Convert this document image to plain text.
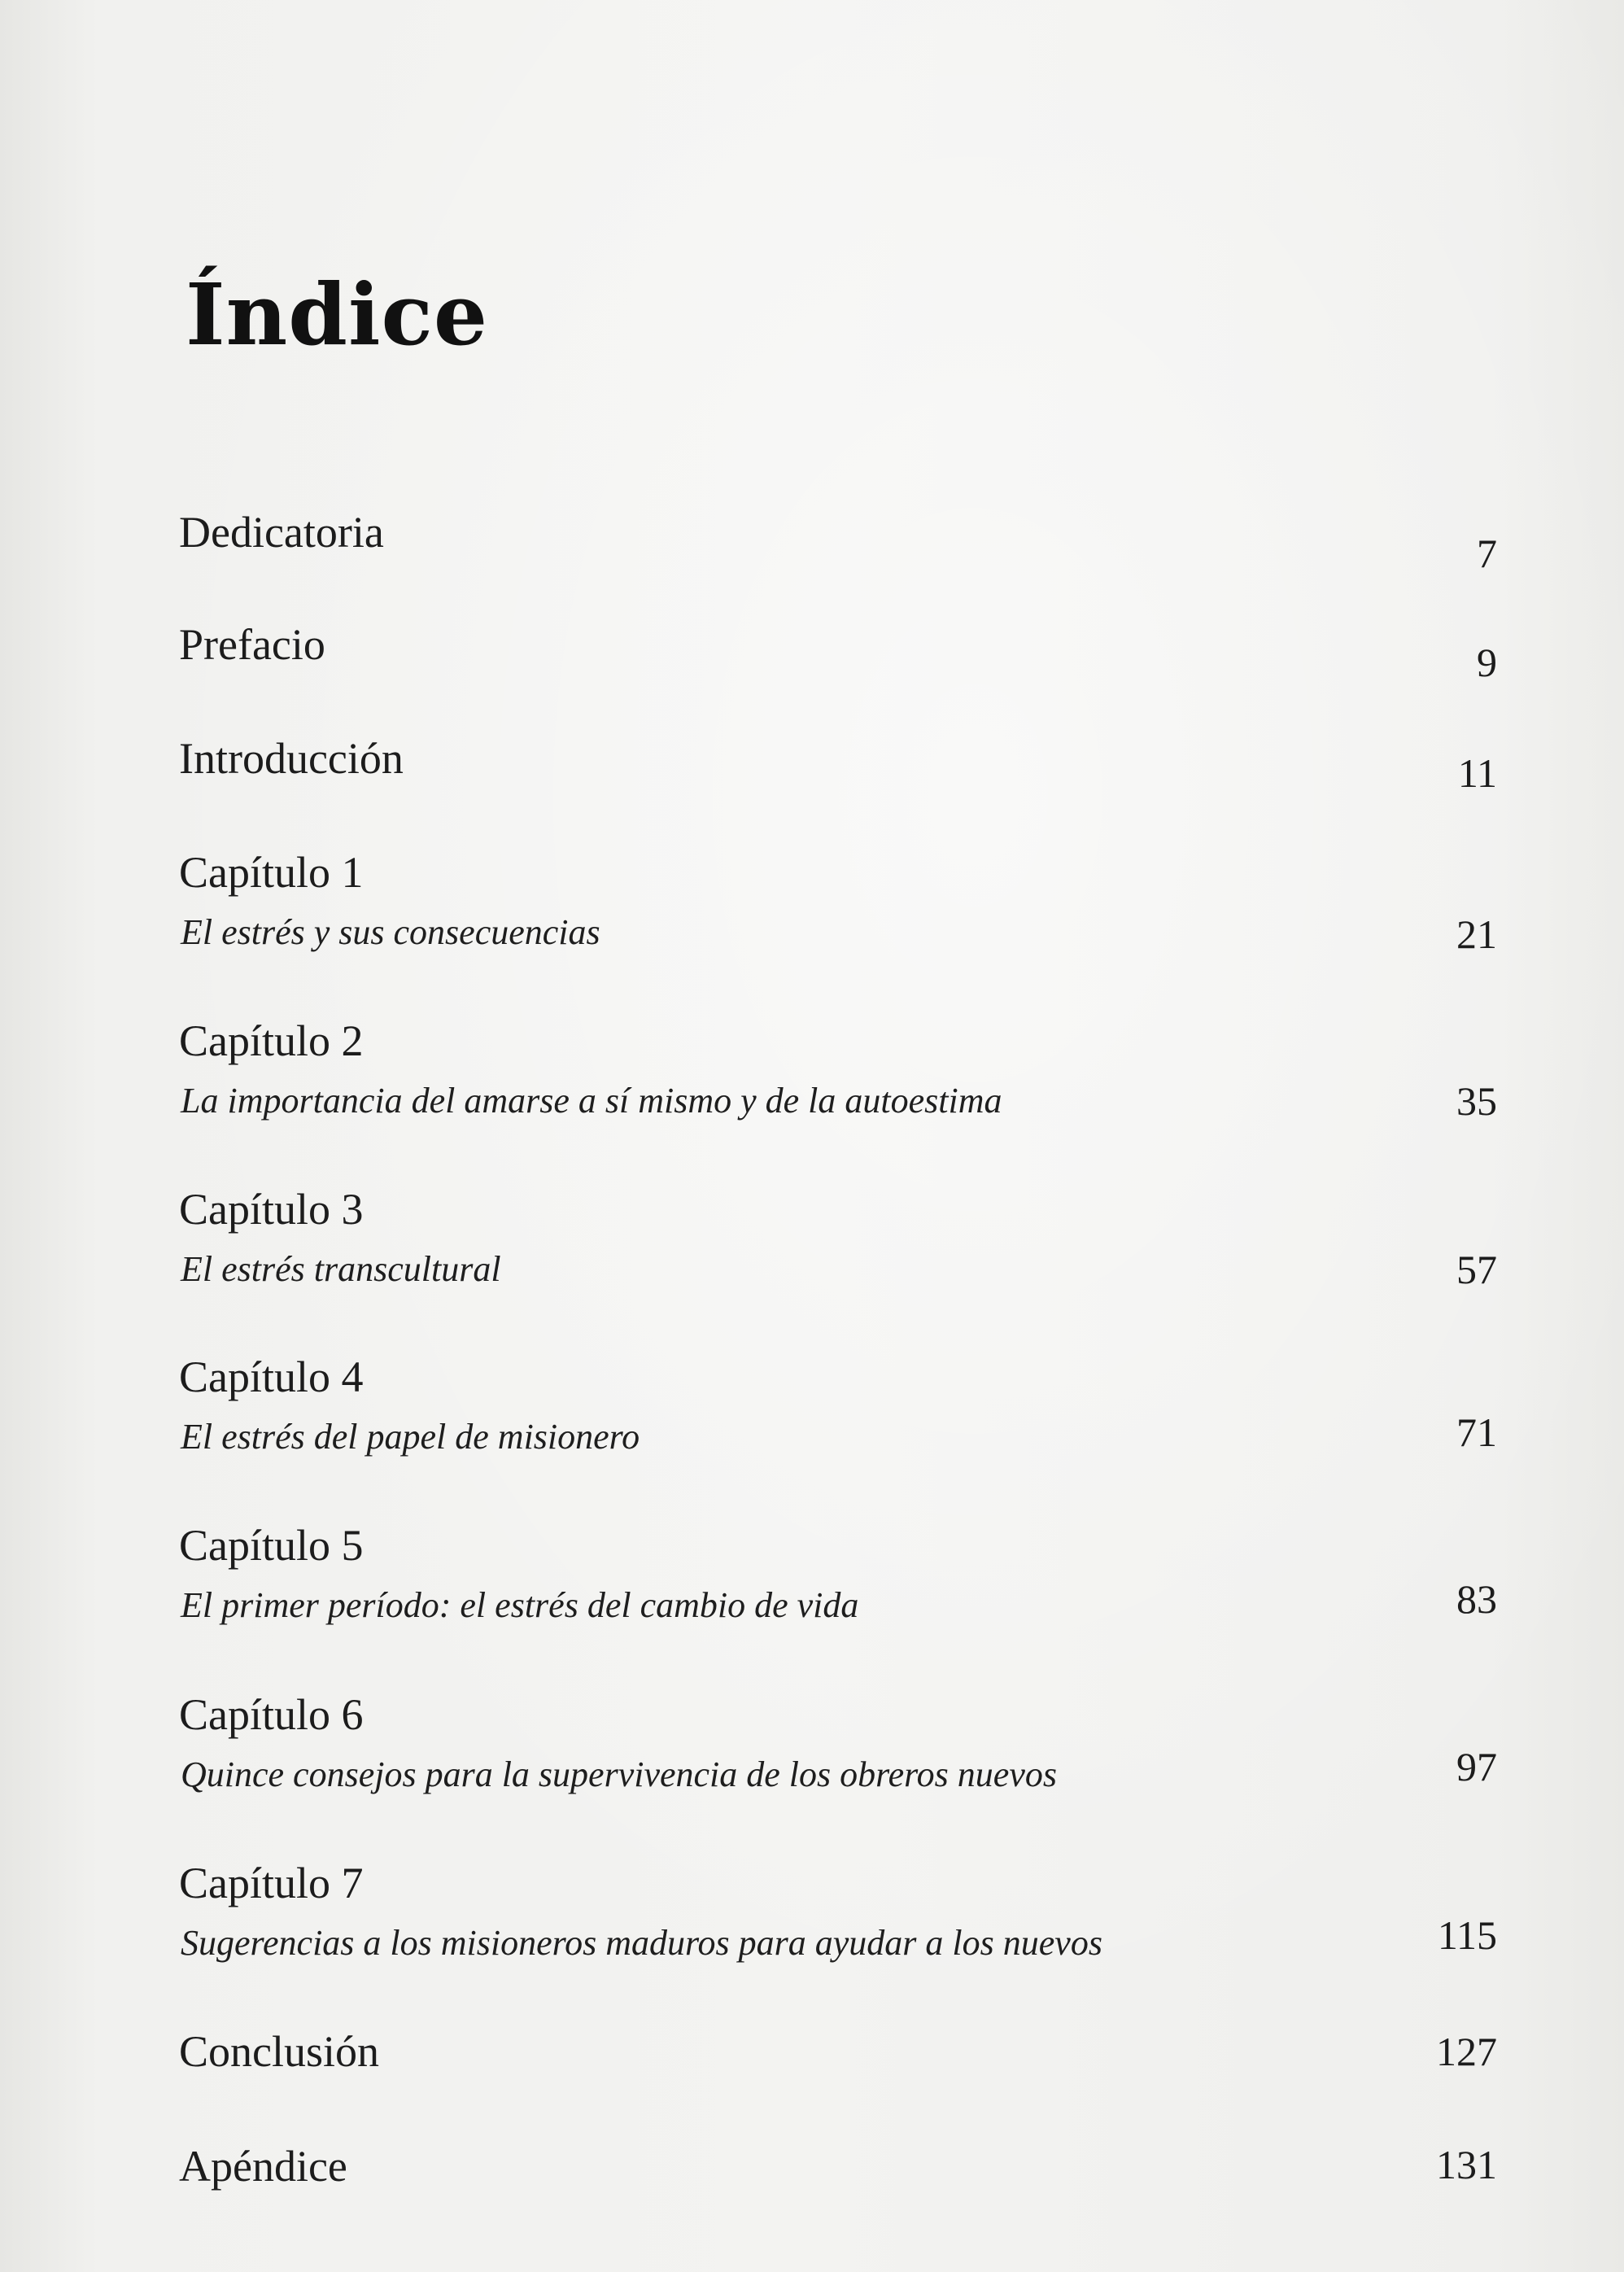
Índice
Dedicatoria	7
Prefacio	9
Introducción	11
Capítulo 1
El estrés y sus consecuencias	21
Capítulo 2
La importancia del amarse a sí mismo y de la autoestima	35
Capítulo 3
El estrés transcultural	57
Capítulo 4
El estrés del papel de misionero	71
Capítulo 5
El primer período: el estrés del cambio de vida	83
Capítulo 6
Quince consejos para la supervivencia de los obreros nuevos	97
Capítulo 7
Sugerencias a los misioneros maduros para ayudar a los nuevos	115
Conclusión	127
Apéndice	131
